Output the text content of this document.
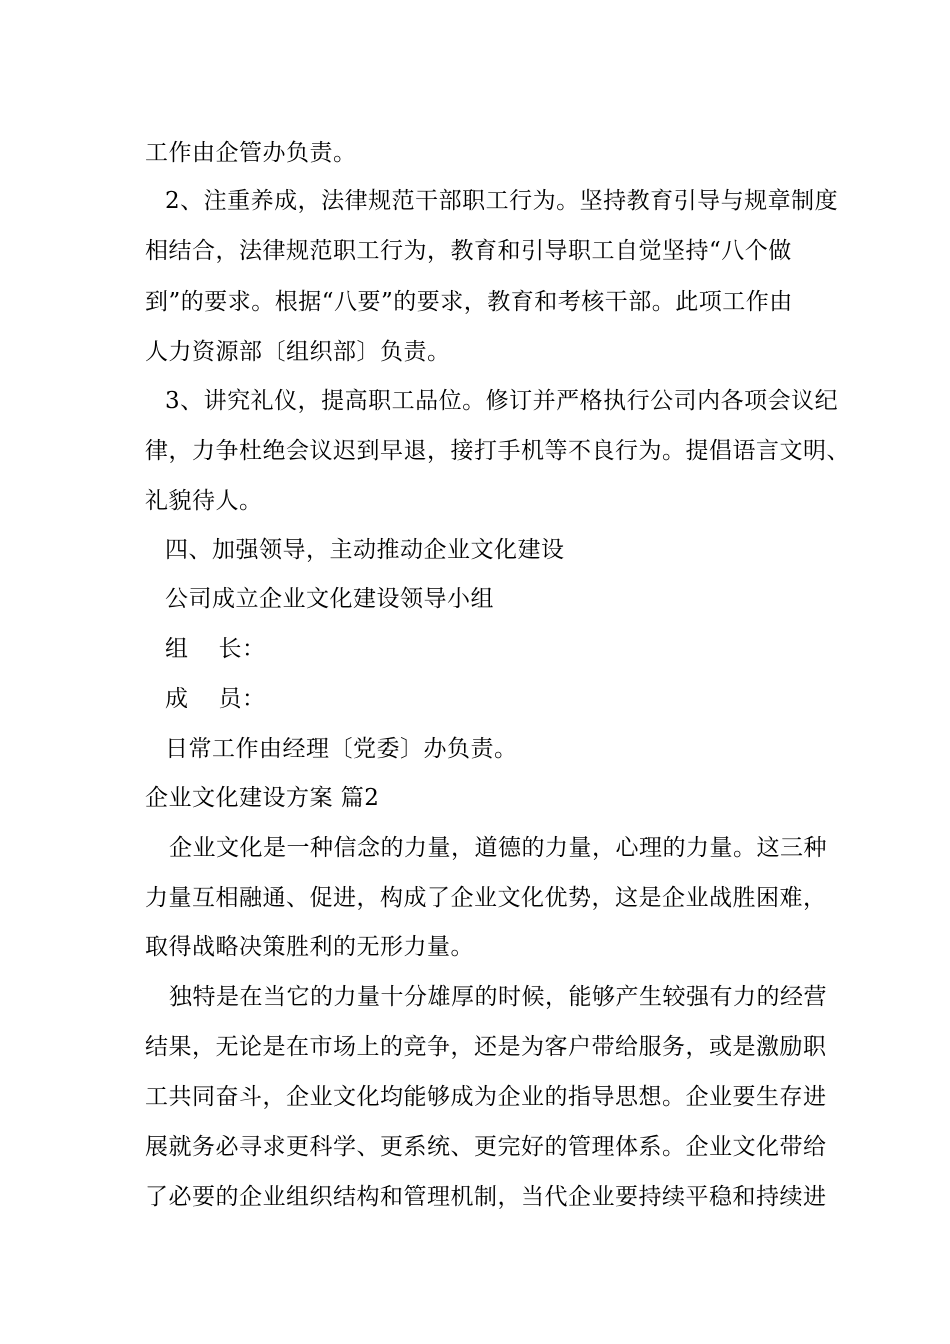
工作由企管办负责。
2、注重养成，法律规范干部职工行为。坚持教育引导与规章制度
相结合，法律规范职工行为，教育和引导职工自觉坚持“八个做
到”的要求。根据“八要”的要求，教育和考核干部。此项工作由
人力资源部〔组织部〕负责。
3、讲究礼仪，提高职工品位。修订并严格执行公司内各项会议纪
律，力争杜绝会议迟到早退，接打手机等不良行为。提倡语言文明、
礼貌待人。
四、加强领导，主动推动企业文化建设
公司成立企业文化建设领导小组
组 长：
成 员：
日常工作由经理〔党委〕办负责。
企业文化建设方案 篇2
企业文化是一种信念的力量，道德的力量，心理的力量。这三种
力量互相融通、促进，构成了企业文化优势，这是企业战胜困难，
取得战略决策胜利的无形力量。
独特是在当它的力量十分雄厚的时候，能够产生较强有力的经营
结果，无论是在市场上的竞争，还是为客户带给服务，或是激励职
工共同奋斗，企业文化均能够成为企业的指导思想。企业要生存进
展就务必寻求更科学、更系统、更完好的管理体系。企业文化带给
了必要的企业组织结构和管理机制，当代企业要持续平稳和持续进
